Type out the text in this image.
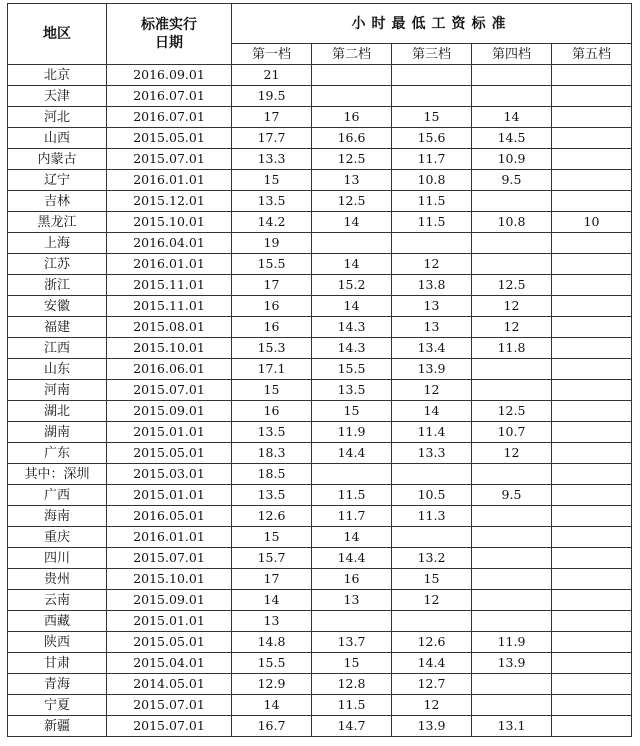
地区	标准实行日期	小时最低工资标准				
		第一档	第二档	第三档	第四档	第五档
北京	2016.09.01	21				
天津	2016.07.01	19.5				
河北	2016.07.01	17	16	15	14	
山西	2015.05.01	17.7	16.6	15.6	14.5	
内蒙古	2015.07.01	13.3	12.5	11.7	10.9	
辽宁	2016.01.01	15	13	10.8	9.5	
吉林	2015.12.01	13.5	12.5	11.5		
黑龙江	2015.10.01	14.2	14	11.5	10.8	10
上海	2016.04.01	19				
江苏	2016.01.01	15.5	14	12		
浙江	2015.11.01	17	15.2	13.8	12.5	
安徽	2015.11.01	16	14	13	12	
福建	2015.08.01	16	14.3	13	12	
江西	2015.10.01	15.3	14.3	13.4	11.8	
山东	2016.06.01	17.1	15.5	13.9		
河南	2015.07.01	15	13.5	12		
湖北	2015.09.01	16	15	14	12.5	
湖南	2015.01.01	13.5	11.9	11.4	10.7	
广东	2015.05.01	18.3	14.4	13.3	12	
其中：深圳	2015.03.01	18.5				
广西	2015.01.01	13.5	11.5	10.5	9.5	
海南	2016.05.01	12.6	11.7	11.3		
重庆	2016.01.01	15	14			
四川	2015.07.01	15.7	14.4	13.2		
贵州	2015.10.01	17	16	15		
云南	2015.09.01	14	13	12		
西藏	2015.01.01	13				
陕西	2015.05.01	14.8	13.7	12.6	11.9	
甘肃	2015.04.01	15.5	15	14.4	13.9	
青海	2014.05.01	12.9	12.8	12.7		
宁夏	2015.07.01	14	11.5	12		
新疆	2015.07.01	16.7	14.7	13.9	13.1	
